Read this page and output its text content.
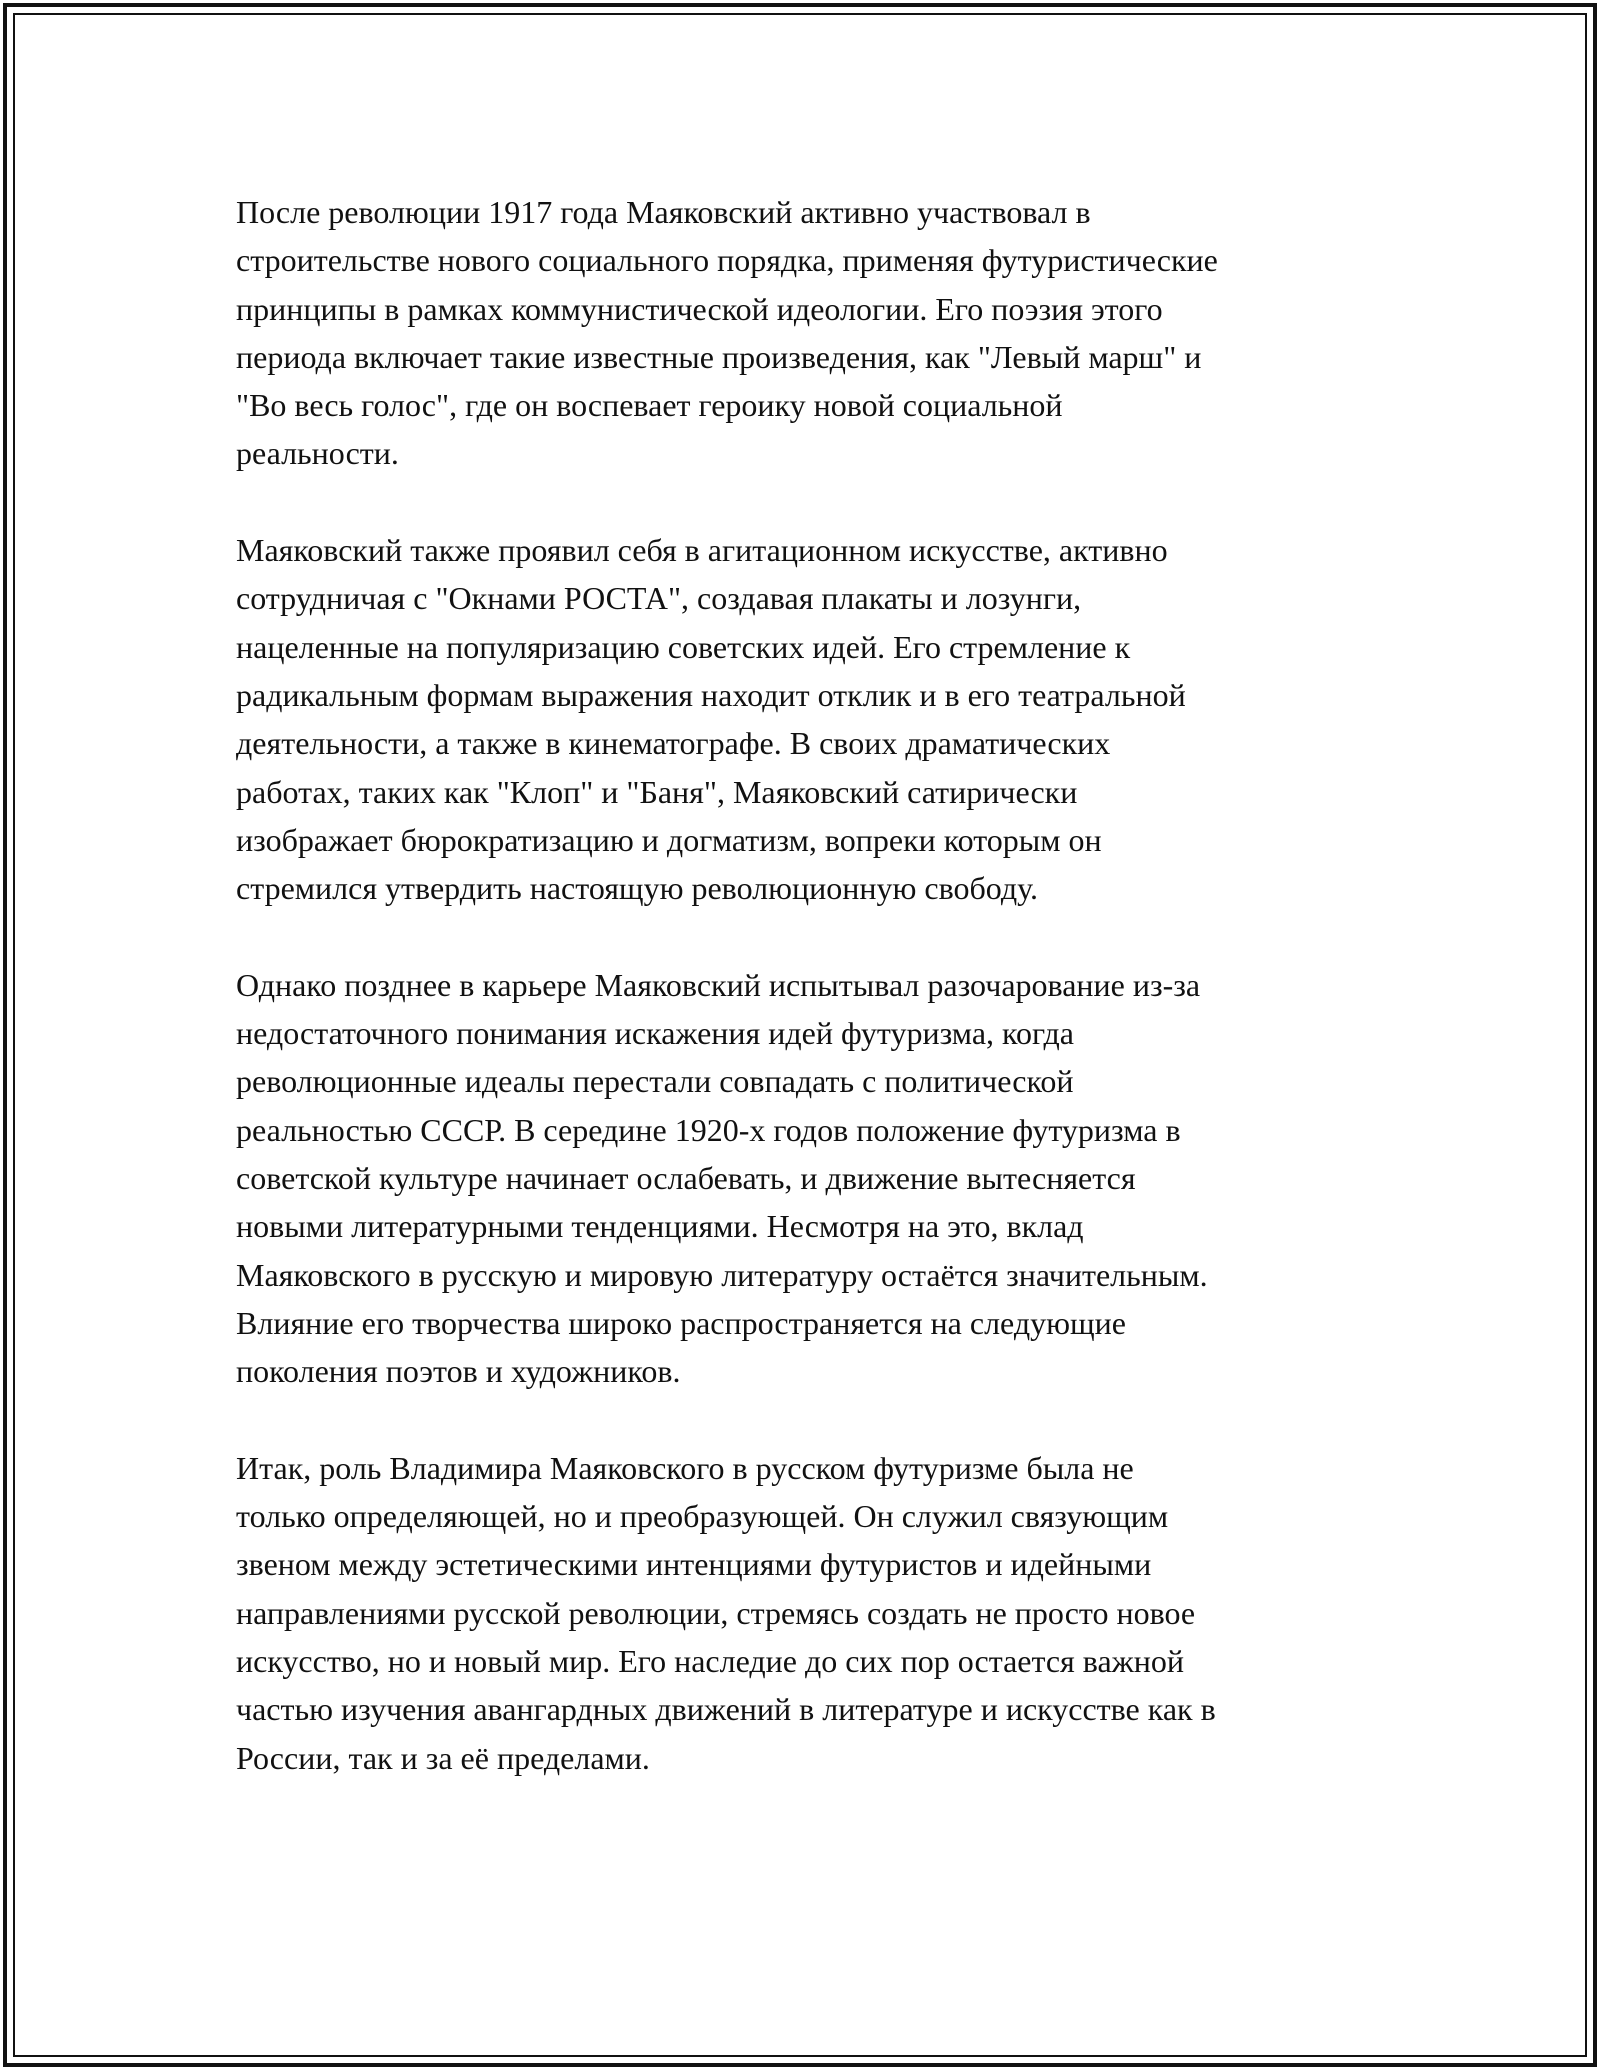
После революции 1917 года Маяковский активно участвовал в
строительстве нового социального порядка, применяя футуристические
принципы в рамках коммунистической идеологии. Его поэзия этого
периода включает такие известные произведения, как "Левый марш" и
"Во весь голос", где он воспевает героику новой социальной
реальности.

Маяковский также проявил себя в агитационном искусстве, активно
сотрудничая с "Окнами РОСТА", создавая плакаты и лозунги,
нацеленные на популяризацию советских идей. Его стремление к
радикальным формам выражения находит отклик и в его театральной
деятельности, а также в кинематографе. В своих драматических
работах, таких как "Клоп" и "Баня", Маяковский сатирически
изображает бюрократизацию и догматизм, вопреки которым он
стремился утвердить настоящую революционную свободу.

Однако позднее в карьере Маяковский испытывал разочарование из-за
недостаточного понимания искажения идей футуризма, когда
революционные идеалы перестали совпадать с политической
реальностью СССР. В середине 1920-х годов положение футуризма в
советской культуре начинает ослабевать, и движение вытесняется
новыми литературными тенденциями. Несмотря на это, вклад
Маяковского в русскую и мировую литературу остаётся значительным.
Влияние его творчества широко распространяется на следующие
поколения поэтов и художников.

Итак, роль Владимира Маяковского в русском футуризме была не
только определяющей, но и преобразующей. Он служил связующим
звеном между эстетическими интенциями футуристов и идейными
направлениями русской революции, стремясь создать не просто новое
искусство, но и новый мир. Его наследие до сих пор остается важной
частью изучения авангардных движений в литературе и искусстве как в
России, так и за её пределами.
